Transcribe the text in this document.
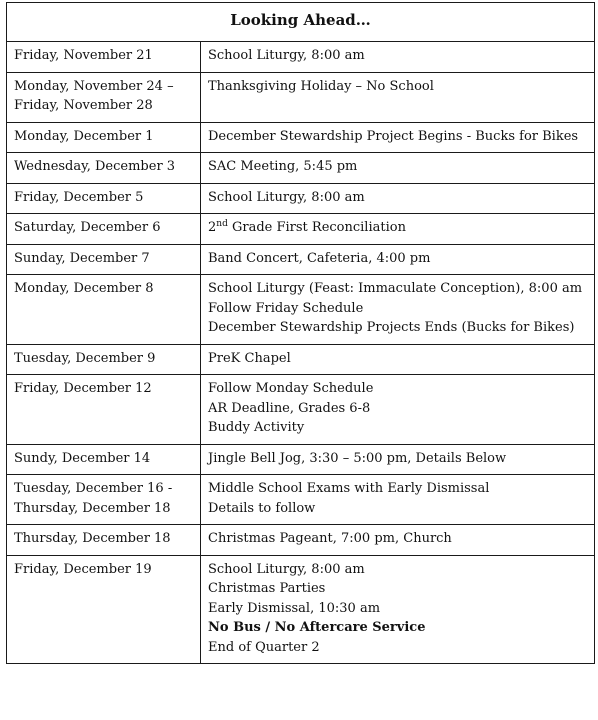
Looking Ahead…	

Friday, November 21	School Liturgy, 8:00 am

Monday, November 24 –
Friday, November 28	Thanksgiving Holiday – No School

Monday, December 1	December Stewardship Project Begins - Bucks for Bikes

Wednesday, December 3	SAC Meeting, 5:45 pm

Friday, December 5	School Liturgy, 8:00 am

Saturday, December 6	2nd Grade First Reconciliation

Sunday, December 7	Band Concert, Cafeteria, 4:00 pm

Monday, December 8	School Liturgy (Feast: Immaculate Conception), 8:00 am
Follow Friday Schedule
December Stewardship Projects Ends (Bucks for Bikes)

Tuesday, December 9	PreK Chapel

Friday, December 12	Follow Monday Schedule
AR Deadline, Grades 6-8
Buddy Activity

Sundy, December 14	Jingle Bell Jog, 3:30 – 5:00 pm, Details Below

Tuesday, December 16 -
Thursday, December 18	Middle School Exams with Early Dismissal
Details to follow

Thursday, December 18	Christmas Pageant, 7:00 pm, Church

Friday, December 19	School Liturgy, 8:00 am
Christmas Parties
Early Dismissal, 10:30 am
No Bus / No Aftercare Service
End of Quarter 2
